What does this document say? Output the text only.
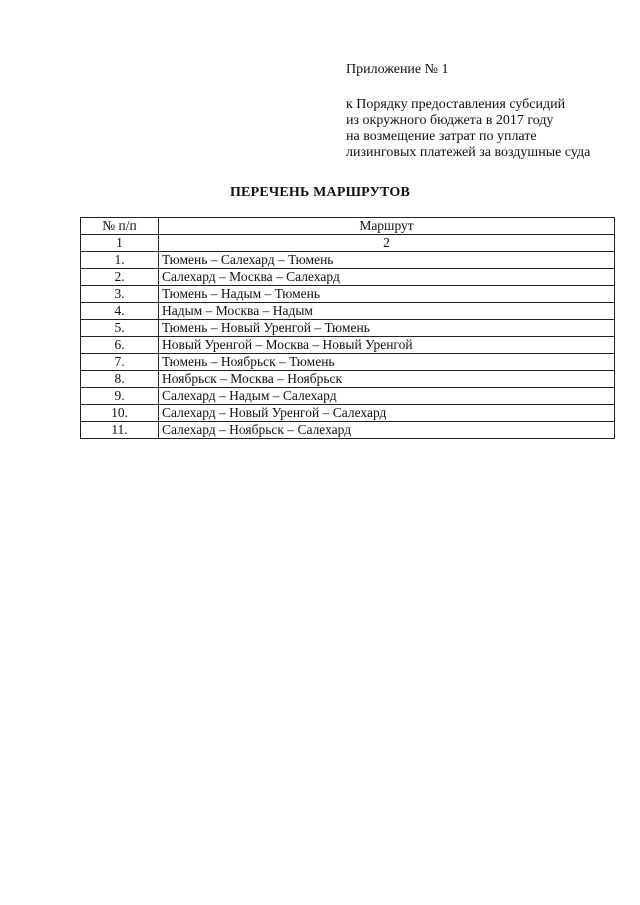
Приложение № 1
к Порядку предоставления субсидий
из окружного бюджета в 2017 году
на возмещение затрат по уплате
лизинговых платежей за воздушные суда
ПЕРЕЧЕНЬ МАРШРУТОВ
№ п/п	Маршрут
1	2
1.	Тюмень – Салехард – Тюмень
2.	Салехард – Москва – Салехард
3.	Тюмень – Надым – Тюмень
4.	Надым – Москва – Надым
5.	Тюмень – Новый Уренгой – Тюмень
6.	Новый Уренгой – Москва – Новый Уренгой
7.	Тюмень – Ноябрьск – Тюмень
8.	Ноябрьск – Москва – Ноябрьск
9.	Салехард – Надым – Салехард
10.	Салехард – Новый Уренгой – Салехард
11.	Салехард – Ноябрьск – Салехард
